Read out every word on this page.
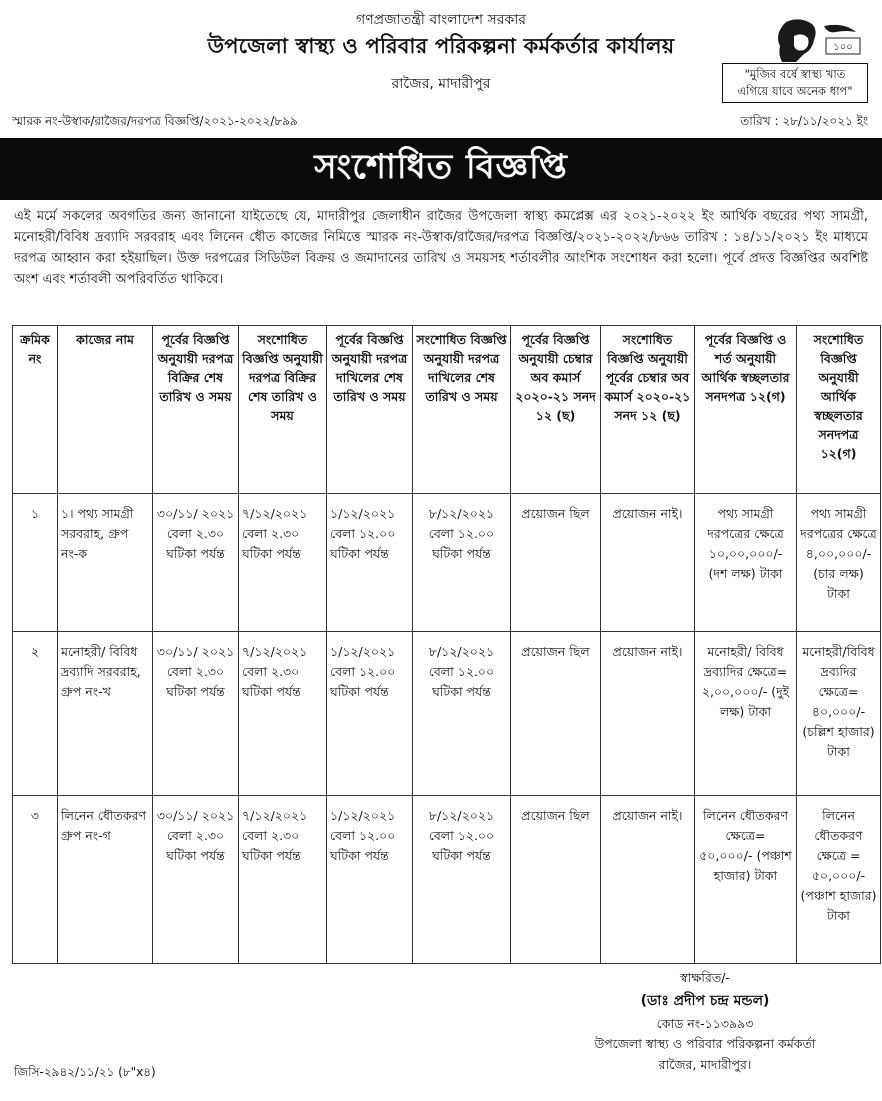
গণপ্রজাতন্ত্রী বাংলাদেশ সরকার
উপজেলা স্বাস্থ্য ও পরিবার পরিকল্পনা কর্মকর্তার কার্যালয়
রাজৈর, মাদারীপুর
১০০
"মুজিব বর্ষে স্বাস্থ্য খাত
এগিয়ে যাবে অনেক ধাপ"
স্মারক নং-উস্বাক/রাজৈর/দরপত্র বিজ্ঞপ্তি/২০২১-২০২২/৮৯৯	তারিখ : ২৮/১১/২০২১ ইং
সংশোধিত বিজ্ঞপ্তি

এই মর্মে সকলের অবগতির জন্য জানানো যাইতেছে যে, মাদারীপুর জেলাধীন রাজৈর উপজেলা স্বাস্থ্য কমপ্লেক্স এর ২০২১-২০২২ ইং আর্থিক বছরের পথ্য সামগ্রী, মনোহরী/বিবিধ দ্রব্যাদি সরবরাহ এবং লিনেন ধৌত কাজের নিমিত্তে স্মারক নং-উস্বাক/রাজৈর/দরপত্র বিজ্ঞপ্তি/২০২১-২০২২/৮৬৬ তারিখ : ১৪/১১/২০২১ ইং মাধ্যমে দরপত্র আহ্বান করা হইয়াছিল। উক্ত দরপত্রের সিডিউল বিক্রয় ও জমাদানের তারিখ ও সময়সহ শর্তাবলীর আংশিক সংশোধন করা হলো। পূর্বে প্রদত্ত বিজ্ঞপ্তির অবশিষ্ট অংশ এবং শর্তাবলী অপরিবর্তিত থাকিবে।

ক্রমিক নং	কাজের নাম	পূর্বের বিজ্ঞপ্তি অনুযায়ী দরপত্র বিক্রির শেষ তারিখ ও সময়	সংশোধিত বিজ্ঞপ্তি অনুযায়ী দরপত্র বিক্রির শেষ তারিখ ও সময়	পূর্বের বিজ্ঞপ্তি অনুযায়ী দরপত্র দাখিলের শেষ তারিখ ও সময়	সংশোধিত বিজ্ঞপ্তি অনুযায়ী দরপত্র দাখিলের শেষ তারিখ ও সময়	পূর্বের বিজ্ঞপ্তি অনুযায়ী চেম্বার অব কমার্স ২০২০-২১ সনদ ১২ (ছ)	সংশোধিত বিজ্ঞপ্তি অনুযায়ী পূর্বের চেম্বার অব কমার্স ২০২০-২১ সনদ ১২ (ছ)	পূর্বের বিজ্ঞপ্তি ও শর্ত অনুযায়ী আর্থিক স্বচ্ছলতার সনদপত্র ১২(গ)	সংশোধিত বিজ্ঞপ্তি অনুযায়ী আর্থিক স্বচ্ছলতার সনদপত্র ১২(গ)
১	১। পথ্য সামগ্রী সরবরাহ, গ্রুপ নং-ক	৩০/১১/ ২০২১ বেলা ২.৩০ ঘটিকা পর্যন্ত	৭/১২/২০২১ বেলা ২.৩০ ঘটিকা পর্যন্ত	১/১২/২০২১ বেলা ১২.০০ ঘটিকা পর্যন্ত	৮/১২/২০২১ বেলা ১২.০০ ঘটিকা পর্যন্ত	প্রয়োজন ছিল	প্রয়োজন নাই।	পথ্য সামগ্রী দরপত্রের ক্ষেত্রে ১০,০০,০০০/- (দশ লক্ষ) টাকা	পথ্য সামগ্রী দরপত্রের ক্ষেত্রে ৪,০০,০০০/- (চার লক্ষ) টাকা
২	মনোহরী/ বিবিধ দ্রব্যাদি সরবরাহ, গ্রুপ নং-খ	৩০/১১/ ২০২১ বেলা ২.৩০ ঘটিকা পর্যন্ত	৭/১২/২০২১ বেলা ২.৩০ ঘটিকা পর্যন্ত	১/১২/২০২১ বেলা ১২.০০ ঘটিকা পর্যন্ত	৮/১২/২০২১ বেলা ১২.০০ ঘটিকা পর্যন্ত	প্রয়োজন ছিল	প্রয়োজন নাই।	মনোহরী/ বিবিধ দ্রব্যাদির ক্ষেত্রে= ২,০০,০০০/- (দুই লক্ষ) টাকা	মনোহরী/বিবিধ দ্রব্যদির ক্ষেত্রে= ৪০,০০০/- (চল্লিশ হাজার) টাকা
৩	লিনেন ধৌতকরণ গ্রুপ নং-গ	৩০/১১/ ২০২১ বেলা ২.৩০ ঘটিকা পর্যন্ত	৭/১২/২০২১ বেলা ২.৩০ ঘটিকা পর্যন্ত	১/১২/২০২১ বেলা ১২.০০ ঘটিকা পর্যন্ত	৮/১২/২০২১ বেলা ১২.০০ ঘটিকা পর্যন্ত	প্রয়োজন ছিল	প্রয়োজন নাই।	লিনেন ধৌতকরণ ক্ষেত্রে= ৫০,০০০/- (পঞ্চাশ হাজার) টাকা	লিনেন ধৌতকরণ ক্ষেত্রে = ৫০,০০০/- (পঞ্চাশ হাজার) টাকা
স্বাক্ষরিত/-
(ডাঃ প্রদীপ চন্দ্র মন্ডল)
কোড নং-১১৩৯৯৩
উপজেলা স্বাস্থ্য ও পরিবার পরিকল্পনা কর্মকর্তা
রাজৈর, মাদারীপুর।
জিসি-২৯৪২/১১/২১ (৮"x৪)
